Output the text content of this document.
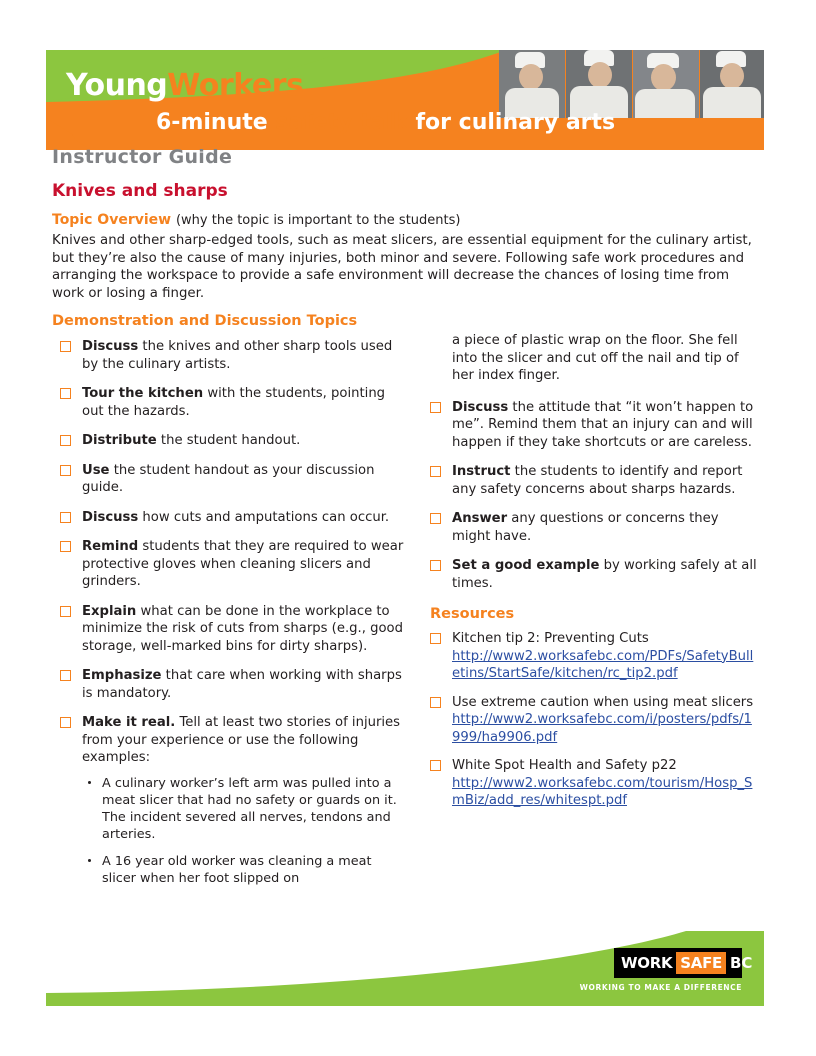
YoungWorkers
6-minute safety talk for culinary arts
Instructor Guide
Knives and sharps
Topic Overview (why the topic is important to the students)
Knives and other sharp-edged tools, such as meat slicers, are essential equipment for the culinary artist, but they’re also the cause of many injuries, both minor and severe. Following safe work procedures and arranging the workspace to provide a safe environment will decrease the chances of losing time from work or losing a finger.
Demonstration and Discussion Topics
Discuss the knives and other sharp tools used by the culinary artists.
Tour the kitchen with the students, pointing out the hazards.
Distribute the student handout.
Use the student handout as your discussion guide.
Discuss how cuts and amputations can occur.
Remind students that they are required to wear protective gloves when cleaning slicers and grinders.
Explain what can be done in the workplace to minimize the risk of cuts from sharps (e.g., good storage, well-marked bins for dirty sharps).
Emphasize that care when working with sharps is mandatory.
Make it real. Tell at least two stories of injuries from your experience or use the following examples:
A culinary worker’s left arm was pulled into a meat slicer that had no safety or guards on it. The incident severed all nerves, tendons and arteries.
A 16 year old worker was cleaning a meat slicer when her foot slipped on
a piece of plastic wrap on the floor. She fell into the slicer and cut off the nail and tip of her index finger.
Discuss the attitude that “it won’t happen to me”. Remind them that an injury can and will happen if they take shortcuts or are careless.
Instruct the students to identify and report any safety concerns about sharps hazards.
Answer any questions or concerns they might have.
Set a good example by working safely at all times.
Resources
Kitchen tip 2: Preventing Cuts
http://www2.worksafebc.com/PDFs/SafetyBulletins/StartSafe/kitchen/rc_tip2.pdf
Use extreme caution when using meat slicers
http://www2.worksafebc.com/i/posters/pdfs/1999/ha9906.pdf
White Spot Health and Safety p22
http://www2.worksafebc.com/tourism/Hosp_SmBiz/add_res/whitespt.pdf
WORK SAFE BC
WORKING TO MAKE A DIFFERENCE
